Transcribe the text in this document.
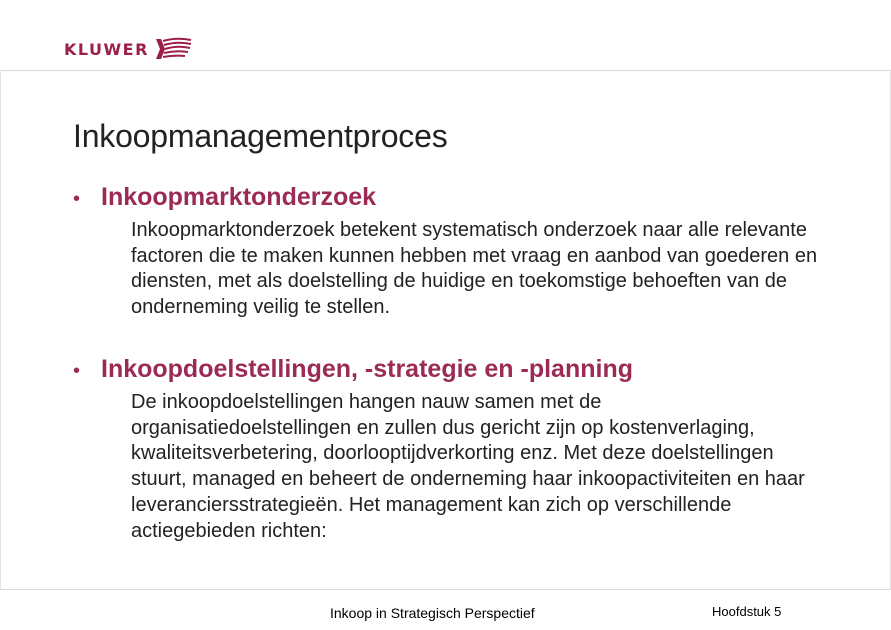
KLUWER
Inkoopmanagementproces
• Inkoopmarktonderzoek
Inkoopmarktonderzoek betekent systematisch onderzoek naar alle relevante factoren die te maken kunnen hebben met vraag en aanbod van goederen en diensten, met als doelstelling de huidige en toekomstige behoeften van de onderneming veilig te stellen.
• Inkoopdoelstellingen, -strategie en -planning
De inkoopdoelstellingen hangen nauw samen met de organisatiedoelstellingen en zullen dus gericht zijn op kostenverlaging, kwaliteitsverbetering, doorlooptijdverkorting enz. Met deze doelstellingen stuurt, managed en beheert de onderneming haar inkoopactiviteiten en haar leveranciersstrategieën. Het management kan zich op verschillende actiegebieden richten:
Inkoop in Strategisch Perspectief	Hoofdstuk 5
